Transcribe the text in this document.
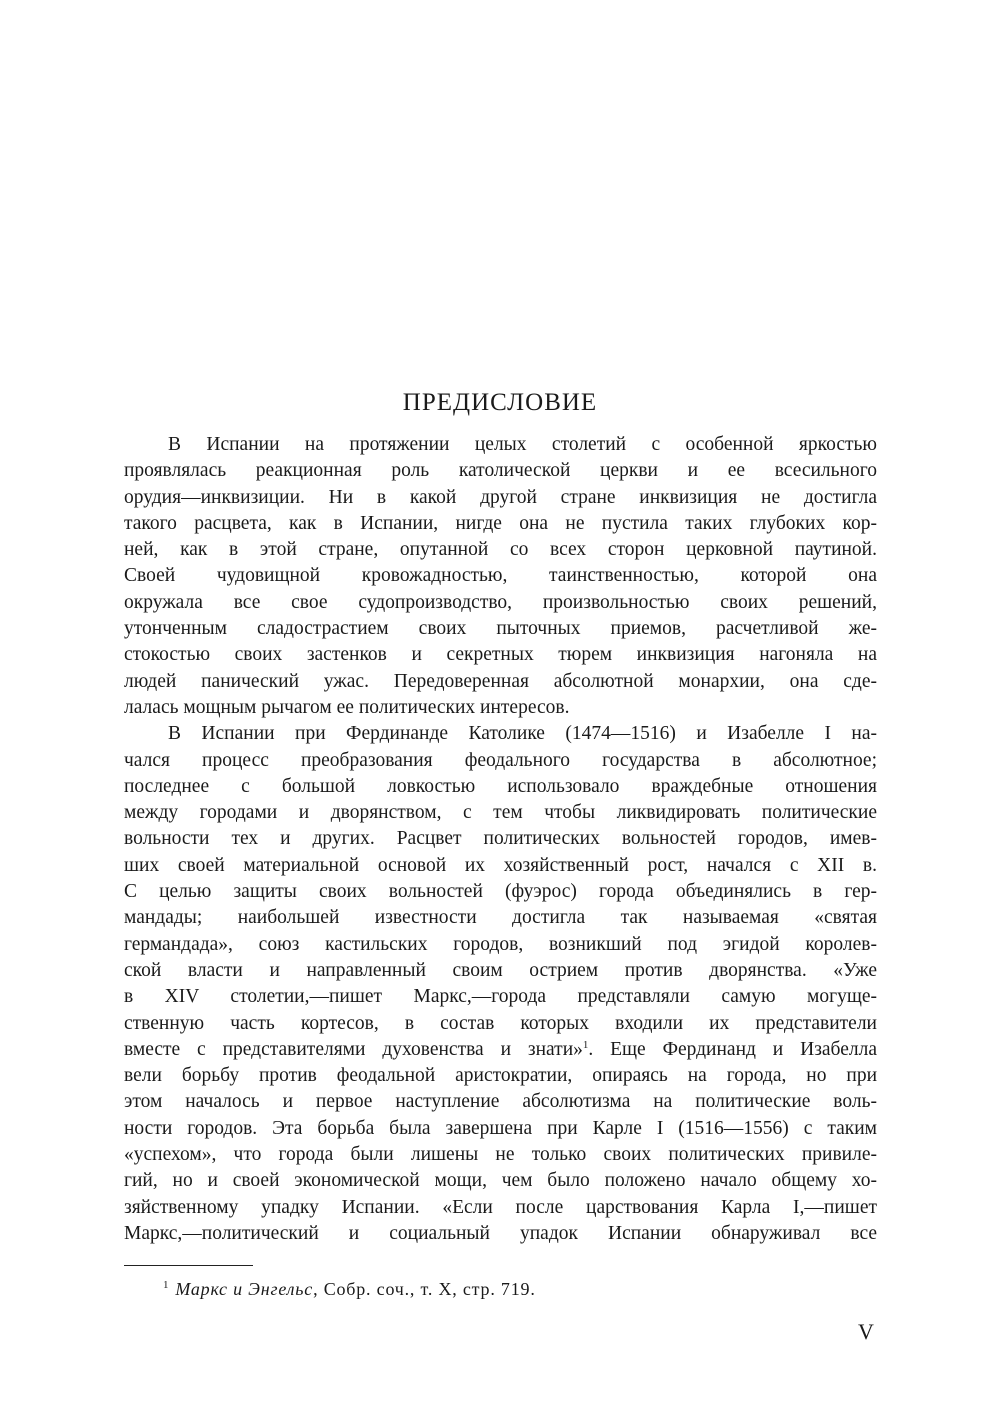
ПРЕДИСЛОВИЕ
В Испании на протяжении целых столетий с особенной яркостью
проявлялась реакционная роль католической церкви и ее всесильного
орудия—инквизиции. Ни в какой другой стране инквизиция не достигла
такого расцвета, как в Испании, нигде она не пустила таких глубоких кор-
ней, как в этой стране, опутанной со всех сторон церковной паутиной.
Своей чудовищной кровожадностью, таинственностью, которой она
окружала все свое судопроизводство, произвольностью своих решений,
утонченным сладострастием своих пыточных приемов, расчетливой же-
стокостью своих застенков и секретных тюрем инквизиция нагоняла на
людей панический ужас. Передоверенная абсолютной монархии, она сде-
лалась мощным рычагом ее политических интересов.
В Испании при Фердинанде Католике (1474—1516) и Изабелле I на-
чался процесс преобразования феодального государства в абсолютное;
последнее с большой ловкостью использовало враждебные отношения
между городами и дворянством, с тем чтобы ликвидировать политические
вольности тех и других. Расцвет политических вольностей городов, имев-
ших своей материальной основой их хозяйственный рост, начался с XII в.
С целью защиты своих вольностей (фуэрос) города объединялись в гер-
мандады; наибольшей известности достигла так называемая «святая
германдада», союз кастильских городов, возникший под эгидой королев-
ской власти и направленный своим острием против дворянства. «Уже
в XIV столетии,—пишет Маркс,—города представляли самую могуще-
ственную часть кортесов, в состав которых входили их представители
вместе с представителями духовенства и знати»$^1$. Еще Фердинанд и Изабелла
вели борьбу против феодальной аристократии, опираясь на города, но при
этом началось и первое наступление абсолютизма на политические воль-
ности городов. Эта борьба была завершена при Карле I (1516—1556) с таким
«успехом», что города были лишены не только своих политических привиле-
гий, но и своей экономической мощи, чем было положено начало общему хо-
зяйственному упадку Испании. «Если после царствования Карла I,—пишет
Маркс,—политический и социальный упадок Испании обнаруживал все
$^1$ Маркс и Энгельс, Собр. соч., т. X, стр. 719.
V
